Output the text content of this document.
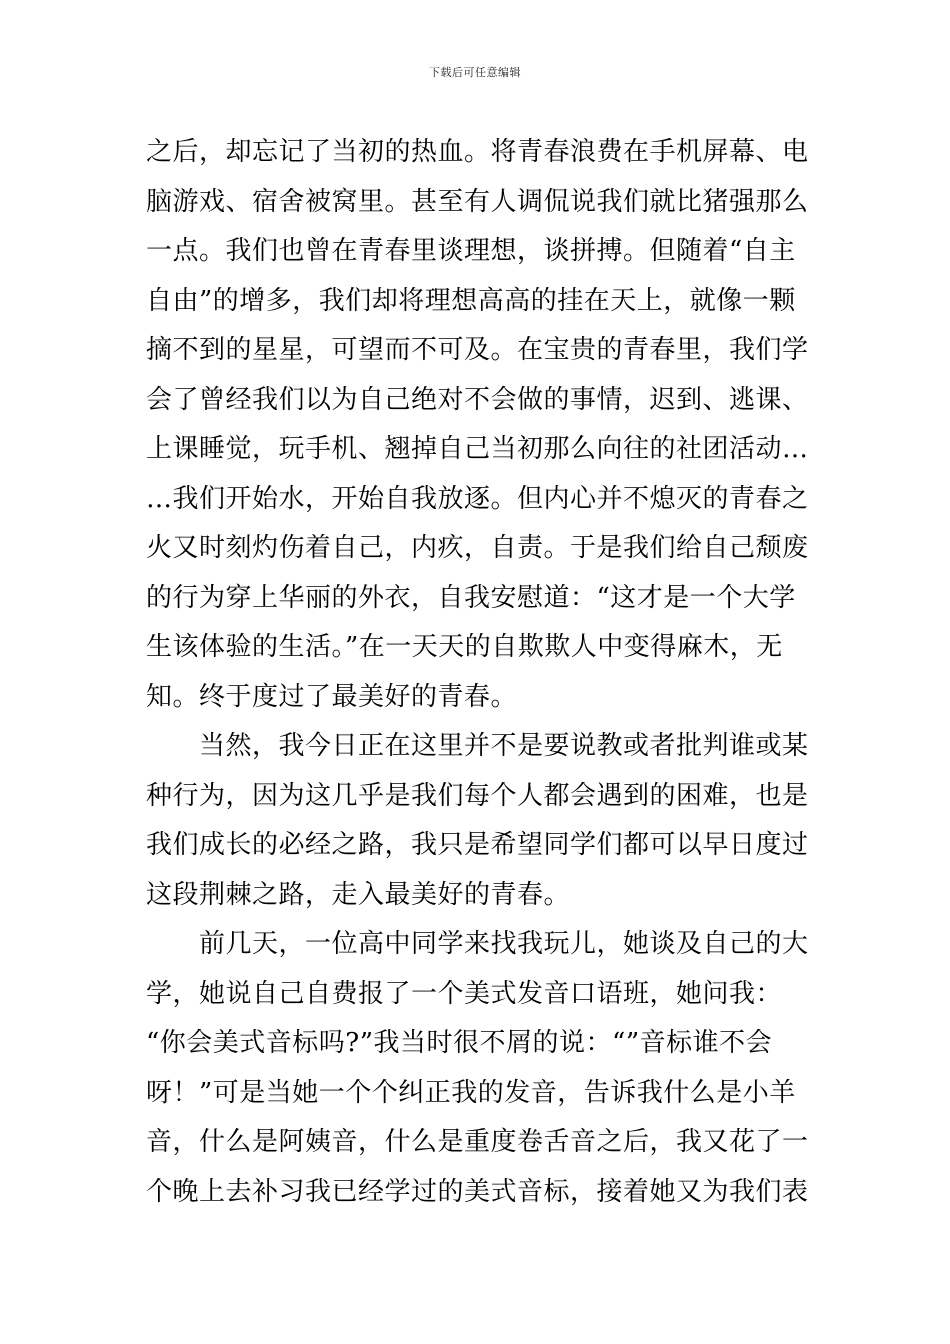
下载后可任意编辑
之后，却忘记了当初的热血。将青春浪费在手机屏幕、电
脑游戏、宿舍被窝里。甚至有人调侃说我们就比猪强那么
一点。我们也曾在青春里谈理想，谈拼搏。但随着“自主
自由”的增多，我们却将理想高高的挂在天上，就像一颗
摘不到的星星，可望而不可及。在宝贵的青春里，我们学
会了曾经我们以为自己绝对不会做的事情，迟到、逃课、
上课睡觉，玩手机、翘掉自己当初那么向往的社团活动…
…我们开始水，开始自我放逐。但内心并不熄灭的青春之
火又时刻灼伤着自己，内疚，自责。于是我们给自己颓废
的行为穿上华丽的外衣，自我安慰道：“这才是一个大学
生该体验的生活。”在一天天的自欺欺人中变得麻木，无
知。终于度过了最美好的青春。
当然，我今日正在这里并不是要说教或者批判谁或某
种行为，因为这几乎是我们每个人都会遇到的困难，也是
我们成长的必经之路，我只是希望同学们都可以早日度过
这段荆棘之路，走入最美好的青春。
前几天，一位高中同学来找我玩儿，她谈及自己的大
学，她说自己自费报了一个美式发音口语班，她问我：
“你会美式音标吗?”我当时很不屑的说：“”音标谁不会
呀！”可是当她一个个纠正我的发音，告诉我什么是小羊
音，什么是阿姨音，什么是重度卷舌音之后，我又花了一
个晚上去补习我已经学过的美式音标，接着她又为我们表
